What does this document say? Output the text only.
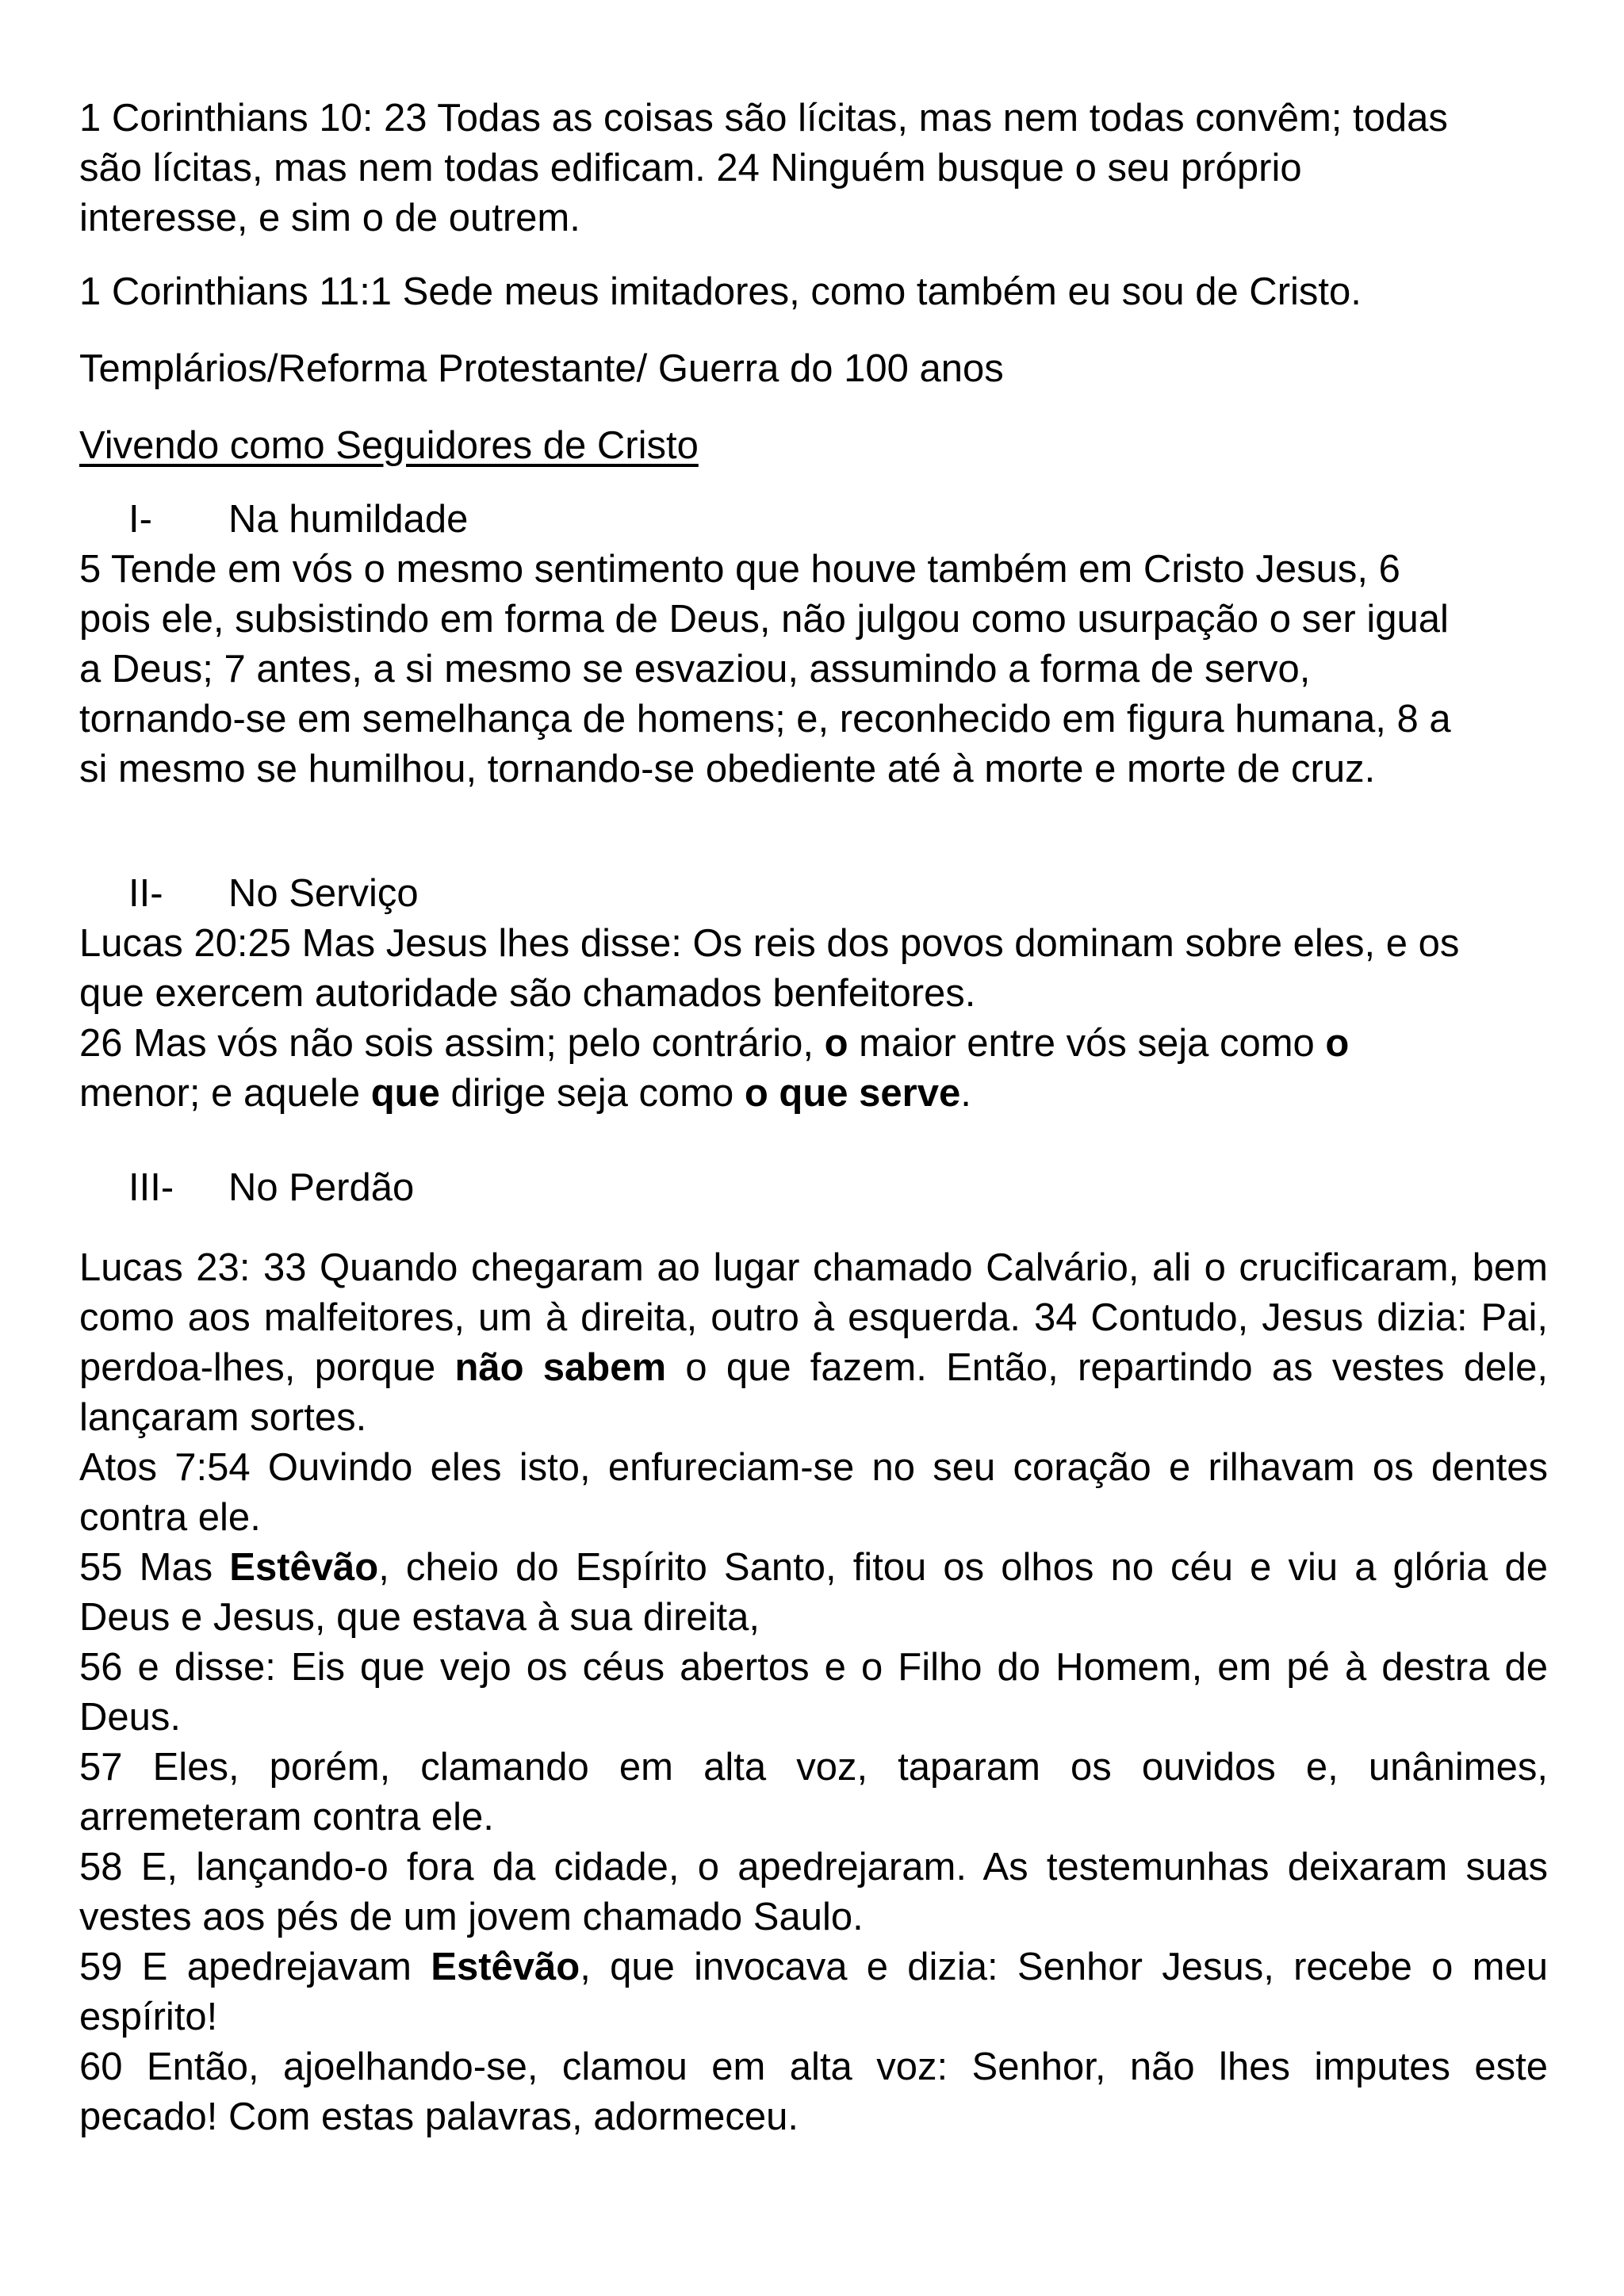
1 Corinthians 10: 23 Todas as coisas são lícitas, mas nem todas convêm; todas
são lícitas, mas nem todas edificam. 24 Ninguém busque o seu próprio
interesse, e sim o de outrem.

1 Corinthians 11:1 Sede meus imitadores, como também eu sou de Cristo.

Templários/Reforma Protestante/ Guerra do 100 anos

Vivendo como Seguidores de Cristo

I-	Na humildade

5 Tende em vós o mesmo sentimento que houve também em Cristo Jesus, 6
pois ele, subsistindo em forma de Deus, não julgou como usurpação o ser igual
a Deus; 7 antes, a si mesmo se esvaziou, assumindo a forma de servo,
tornando-se em semelhança de homens; e, reconhecido em figura humana, 8 a
si mesmo se humilhou, tornando-se obediente até à morte e morte de cruz.

II-	No Serviço

Lucas 20:25 Mas Jesus lhes disse: Os reis dos povos dominam sobre eles, e os
que exercem autoridade são chamados benfeitores.
26 Mas vós não sois assim; pelo contrário, o maior entre vós seja como o
menor; e aquele que dirige seja como o que serve.

III-	No Perdão

Lucas 23: 33 Quando chegaram ao lugar chamado Calvário, ali o crucificaram, bem como aos malfeitores, um à direita, outro à esquerda. 34 Contudo, Jesus dizia: Pai, perdoa-lhes, porque não sabem o que fazem. Então, repartindo as vestes dele, lançaram sortes.

Atos 7:54 Ouvindo eles isto, enfureciam-se no seu coração e rilhavam os dentes contra ele.

55 Mas Estêvão, cheio do Espírito Santo, fitou os olhos no céu e viu a glória de Deus e Jesus, que estava à sua direita,

56 e disse: Eis que vejo os céus abertos e o Filho do Homem, em pé à destra de Deus.

57 Eles, porém, clamando em alta voz, taparam os ouvidos e, unânimes, arremeteram contra ele.

58 E, lançando-o fora da cidade, o apedrejaram. As testemunhas deixaram suas vestes aos pés de um jovem chamado Saulo.

59 E apedrejavam Estêvão, que invocava e dizia: Senhor Jesus, recebe o meu espírito!

60 Então, ajoelhando-se, clamou em alta voz: Senhor, não lhes imputes este pecado! Com estas palavras, adormeceu.
